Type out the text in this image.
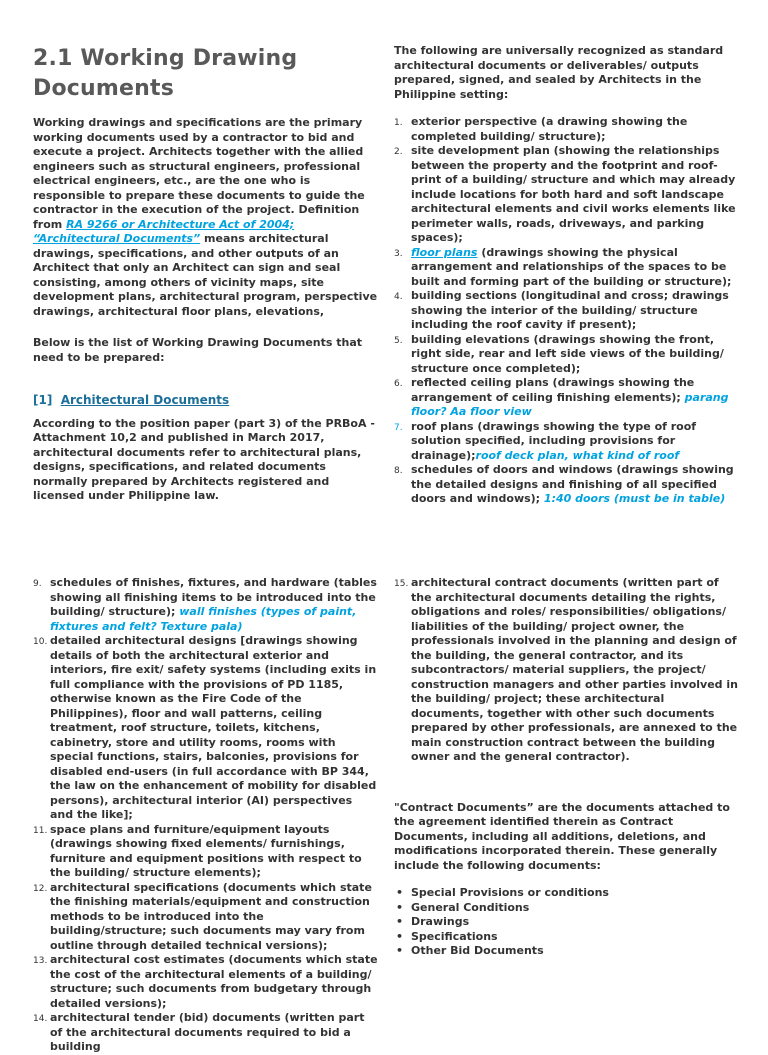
2.1 Working Drawing Documents

Working drawings and specifications are the primary working documents used by a contractor to bid and execute a project. Architects together with the allied engineers such as structural engineers, professional electrical engineers, etc., are the one who is responsible to prepare these documents to guide the contractor in the execution of the project. Definition from RA 9266 or Architecture Act of 2004; “Architectural Documents” means architectural drawings, specifications, and other outputs of an Architect that only an Architect can sign and seal consisting, among others of vicinity maps, site development plans, architectural program, perspective drawings, architectural floor plans, elevations,

Below is the list of Working Drawing Documents that need to be prepared:

[1] Architectural Documents

According to the position paper (part 3) of the PRBoA - Attachment 10,2 and published in March 2017, architectural documents refer to architectural plans, designs, specifications, and related documents normally prepared by Architects registered and licensed under Philippine law.

The following are universally recognized as standard architectural documents or deliverables/ outputs prepared, signed, and sealed by Architects in the Philippine setting:

1. exterior perspective (a drawing showing the completed building/ structure);
2. site development plan (showing the relationships between the property and the footprint and roof-print of a building/ structure and which may already include locations for both hard and soft landscape architectural elements and civil works elements like perimeter walls, roads, driveways, and parking spaces);
3. floor plans (drawings showing the physical arrangement and relationships of the spaces to be built and forming part of the building or structure);
4. building sections (longitudinal and cross; drawings showing the interior of the building/ structure including the roof cavity if present);
5. building elevations (drawings showing the front, right side, rear and left side views of the building/ structure once completed);
6. reflected ceiling plans (drawings showing the arrangement of ceiling finishing elements); parang floor? Aa floor view
7. roof plans (drawings showing the type of roof solution specified, including provisions for drainage);roof deck plan, what kind of roof
8. schedules of doors and windows (drawings showing the detailed designs and finishing of all specified doors and windows); 1:40 doors (must be in table)
9. schedules of finishes, fixtures, and hardware (tables showing all finishing items to be introduced into the building/ structure); wall finishes (types of paint, fixtures and felt? Texture pala)
10. detailed architectural designs [drawings showing details of both the architectural exterior and interiors, fire exit/ safety systems (including exits in full compliance with the provisions of PD 1185, otherwise known as the Fire Code of the Philippines), floor and wall patterns, ceiling treatment, roof structure, toilets, kitchens, cabinetry, store and utility rooms, rooms with special functions, stairs, balconies, provisions for disabled end-users (in full accordance with BP 344, the law on the enhancement of mobility for disabled persons), architectural interior (AI) perspectives and the like];
11. space plans and furniture/equipment layouts (drawings showing fixed elements/ furnishings, furniture and equipment positions with respect to the building/ structure elements);
12. architectural specifications (documents which state the finishing materials/equipment and construction methods to be introduced into the building/structure; such documents may vary from outline through detailed technical versions);
13. architectural cost estimates (documents which state the cost of the architectural elements of a building/ structure; such documents from budgetary through detailed versions);
14. architectural tender (bid) documents (written part of the architectural documents required to bid a building
15. architectural contract documents (written part of the architectural documents detailing the rights, obligations and roles/ responsibilities/ obligations/ liabilities of the building/ project owner, the professionals involved in the planning and design of the building, the general contractor, and its subcontractors/ material suppliers, the project/ construction managers and other parties involved in the building/ project; these architectural documents, together with other such documents prepared by other professionals, are annexed to the main construction contract between the building owner and the general contractor).

"Contract Documents” are the documents attached to the agreement identified therein as Contract Documents, including all additions, deletions, and modifications incorporated therein. These generally include the following documents:

• Special Provisions or conditions
• General Conditions
• Drawings
• Specifications
• Other Bid Documents
